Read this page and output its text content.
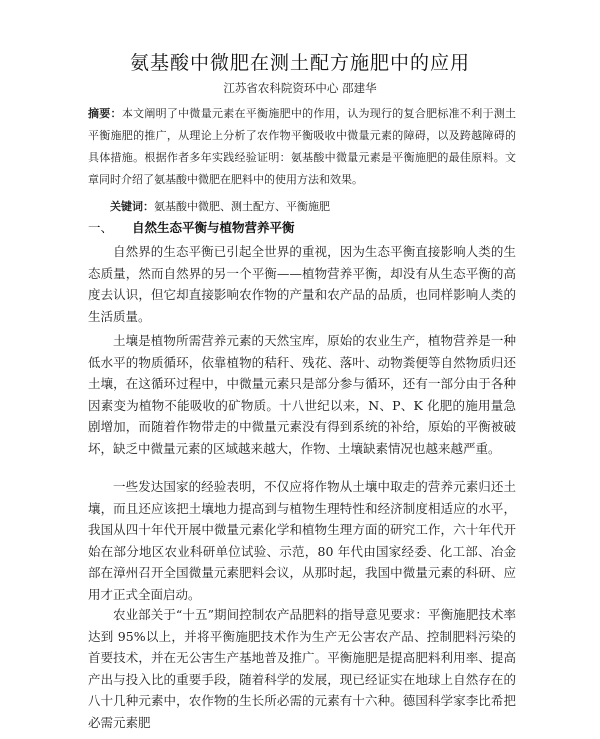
氨基酸中微肥在测土配方施肥中的应用
江苏省农科院资环中心 邵建华
摘要：本文阐明了中微量元素在平衡施肥中的作用，认为现行的复合肥标准不利于测土平衡施肥的推广，从理论上分析了农作物平衡吸收中微量元素的障碍，以及跨越障碍的具体措施。根据作者多年实践经验证明：氨基酸中微量元素是平衡施肥的最佳原料。文章同时介绍了氨基酸中微肥在肥料中的使用方法和效果。
关键词：氨基酸中微肥、测土配方、平衡施肥
一、 自然生态平衡与植物营养平衡

自然界的生态平衡已引起全世界的重视，因为生态平衡直接影响人类的生态质量，然而自然界的另一个平衡——植物营养平衡，却没有从生态平衡的高度去认识，但它却直接影响农作物的产量和农产品的品质，也同样影响人类的生活质量。

土壤是植物所需营养元素的天然宝库，原始的农业生产，植物营养是一种低水平的物质循环，依靠植物的秸秆、残花、落叶、动物粪便等自然物质归还土壤，在这循环过程中，中微量元素只是部分参与循环，还有一部分由于各种因素变为植物不能吸收的矿物质。十八世纪以来，N、P、K 化肥的施用量急剧增加，而随着作物带走的中微量元素没有得到系统的补给，原始的平衡被破坏，缺乏中微量元素的区域越来越大，作物、土壤缺素情况也越来越严重。

一些发达国家的经验表明，不仅应将作物从土壤中取走的营养元素归还土壤，而且还应该把土壤地力提高到与植物生理特性和经济制度相适应的水平，我国从四十年代开展中微量元素化学和植物生理方面的研究工作，六十年代开始在部分地区农业科研单位试验、示范，80 年代由国家经委、化工部、冶金部在漳州召开全国微量元素肥料会议，从那时起，我国中微量元素的科研、应用才正式全面启动。

农业部关于“十五”期间控制农产品肥料的指导意见要求：平衡施肥技术率达到 95%以上，并将平衡施肥技术作为生产无公害农产品、控制肥料污染的首要技术，并在无公害生产基地普及推广。平衡施肥是提高肥料利用率、提高产出与投入比的重要手段，随着科学的发展，现已经证实在地球上自然存在的八十几种元素中，农作物的生长所必需的元素有十六种。德国科学家李比希把必需元素肥
